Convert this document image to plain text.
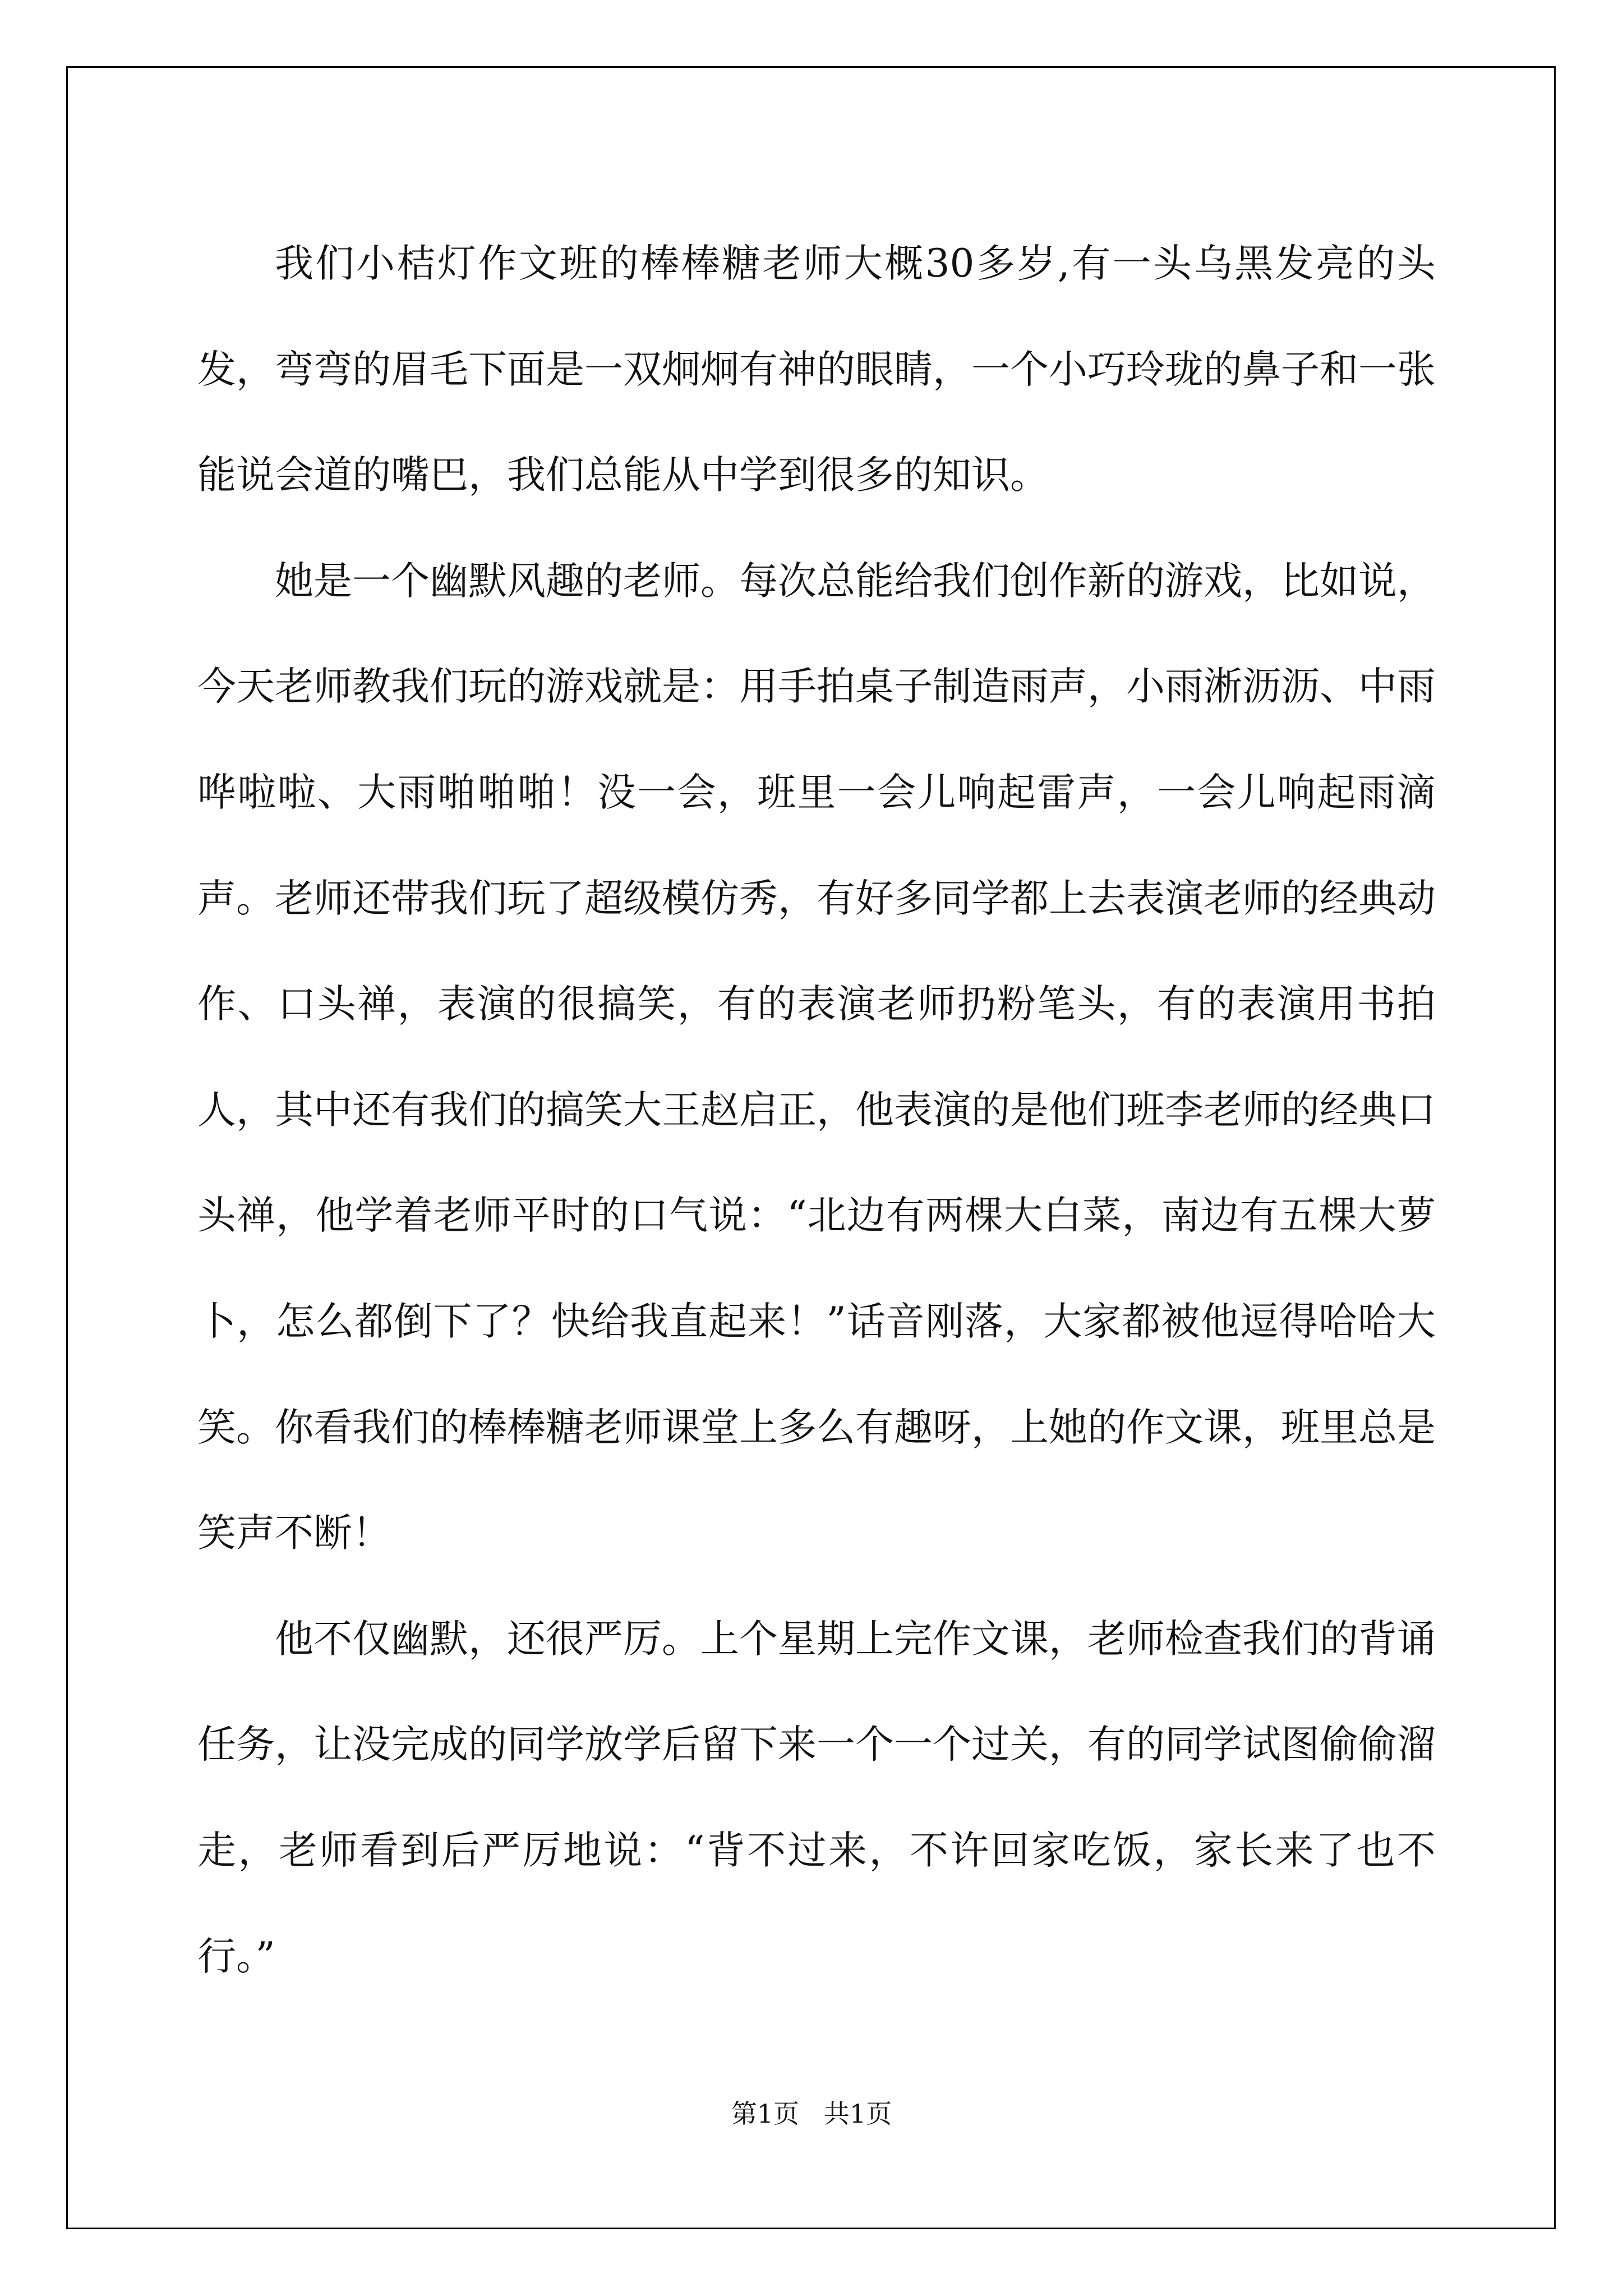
我们小桔灯作文班的棒棒糖老师大概30多岁,有一头乌黑发亮的头发，弯弯的眉毛下面是一双炯炯有神的眼睛，一个小巧玲珑的鼻子和一张能说会道的嘴巴，我们总能从中学到很多的知识。

她是一个幽默风趣的老师。每次总能给我们创作新的游戏，比如说，今天老师教我们玩的游戏就是：用手拍桌子制造雨声，小雨淅沥沥、中雨哗啦啦、大雨啪啪啪！没一会，班里一会儿响起雷声，一会儿响起雨滴声。老师还带我们玩了超级模仿秀，有好多同学都上去表演老师的经典动作、口头禅，表演的很搞笑，有的表演老师扔粉笔头，有的表演用书拍人，其中还有我们的搞笑大王赵启正，他表演的是他们班李老师的经典口头禅，他学着老师平时的口气说：“北边有两棵大白菜，南边有五棵大萝卜，怎么都倒下了？快给我直起来！”话音刚落，大家都被他逗得哈哈大笑。你看我们的棒棒糖老师课堂上多么有趣呀，上她的作文课，班里总是笑声不断！

他不仅幽默，还很严厉。上个星期上完作文课，老师检查我们的背诵任务，让没完成的同学放学后留下来一个一个过关，有的同学试图偷偷溜走，老师看到后严厉地说：“背不过来，不许回家吃饭，家长来了也不行。”

第1页   共1页
